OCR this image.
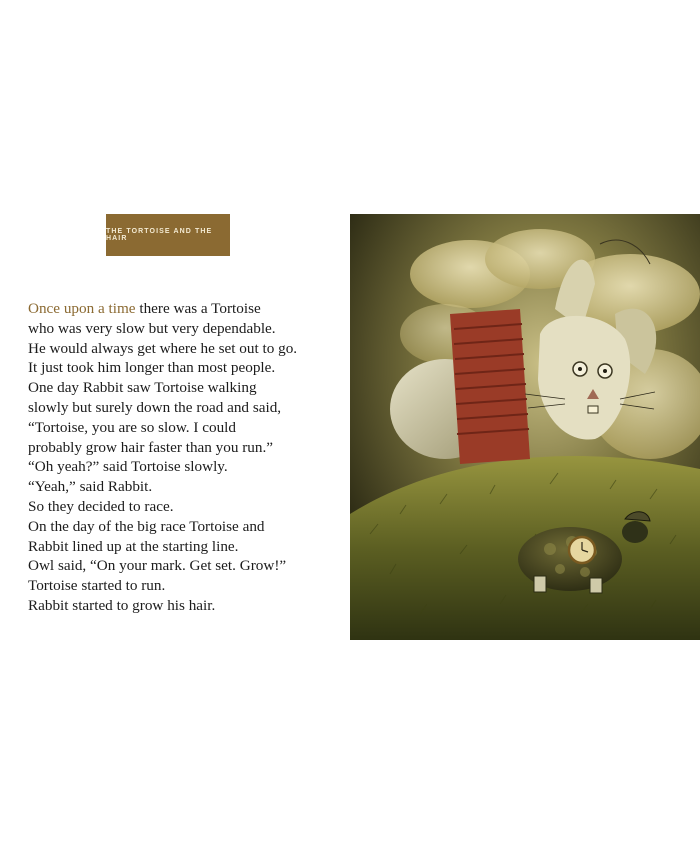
THE TORTOISE AND THE HAIR
Once upon a time there was a Tortoise
who was very slow but very dependable.
He would always get where he set out to go.
It just took him longer than most people.
One day Rabbit saw Tortoise walking
slowly but surely down the road and said,
“Tortoise, you are so slow. I could
probably grow hair faster than you run.”
“Oh yeah?” said Tortoise slowly.
“Yeah,” said Rabbit.
So they decided to race.
On the day of the big race Tortoise and
Rabbit lined up at the starting line.
Owl said, “On your mark. Get set. Grow!”
Tortoise started to run.
Rabbit started to grow his hair.
